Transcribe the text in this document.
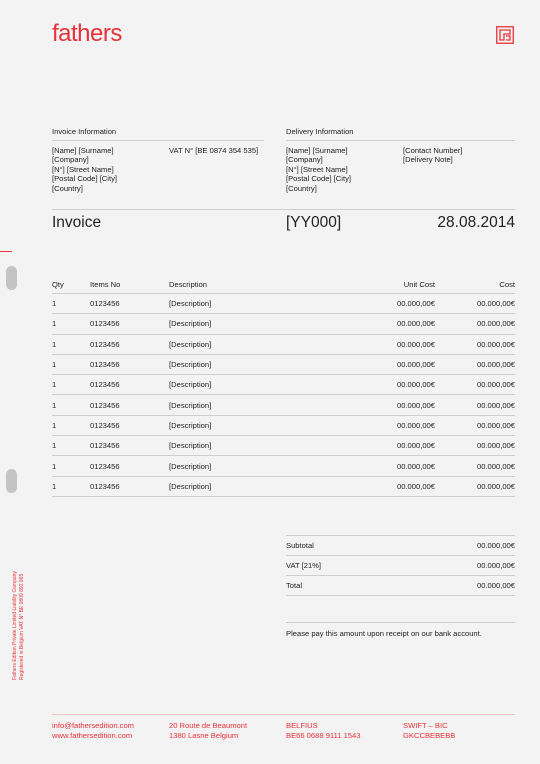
fathers
Invoice Information	Delivery Information
[Name] [Surname]
[Company]
[N°] [Street Name]
[Postal Code] [City]
[Country]
VAT N° [BE 0874 354 535]	[Name] [Surname]
[Company]
[N°] [Street Name]
[Postal Code] [City]
[Country]
[Contact Number]
[Delivery Note]
Invoice	[YY000]	28.08.2014
Qty	Items No	Description	Unit Cost	Cost
1	0123456	[Description]	00.000,00€	00.000,00€
1	0123456	[Description]	00.000,00€	00.000,00€
1	0123456	[Description]	00.000,00€	00.000,00€
1	0123456	[Description]	00.000,00€	00.000,00€
1	0123456	[Description]	00.000,00€	00.000,00€
1	0123456	[Description]	00.000,00€	00.000,00€
1	0123456	[Description]	00.000,00€	00.000,00€
1	0123456	[Description]	00.000,00€	00.000,00€
1	0123456	[Description]	00.000,00€	00.000,00€
1	0123456	[Description]	00.000,00€	00.000,00€
Subtotal	00.000,00€
VAT [21%]	00.000,00€
Total	00.000,00€
Please pay this amount upon receipt on our bank account.
Fathers Edition Private Limited Liability Company Registered in Belgium VAT N° BE 0809 892 965
info@fathersedition.com
www.fathersedition.com
20 Route de Beaumont
1380 Lasne Belgium
BELFIUS
BE66 0688 9111 1543
SWIFT – BIC
GKCCBEBEBB
